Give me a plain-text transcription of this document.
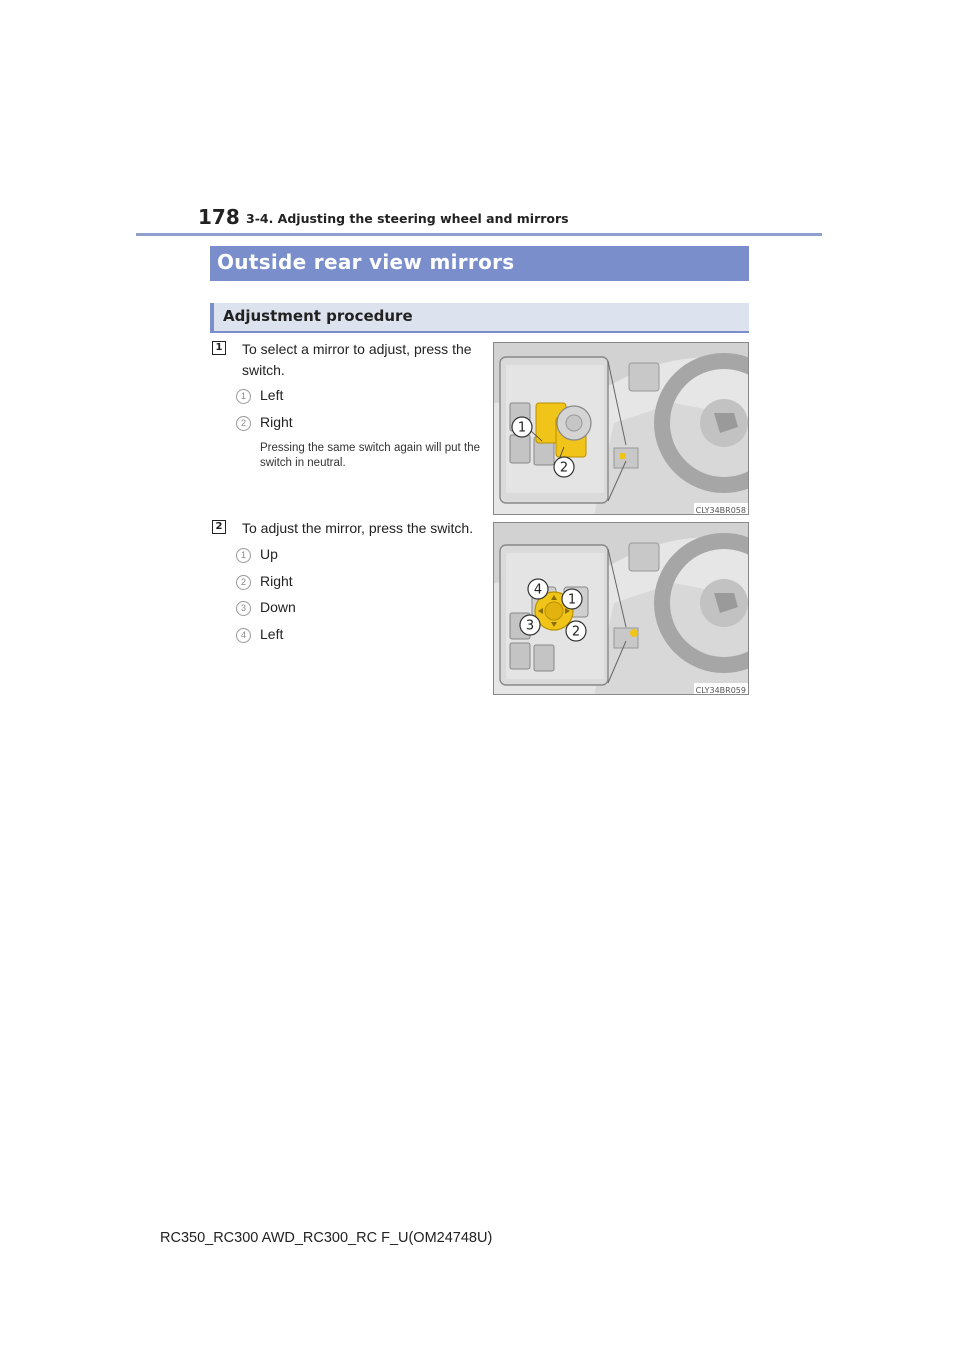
178 3-4. Adjusting the steering wheel and mirrors
Outside rear view mirrors
Adjustment procedure
1 To select a mirror to adjust, press the
switch.
1	Left
2	Right
Pressing the same switch again will put the switch in neutral.
1
2
CLY34BR058
2 To adjust the mirror, press the switch.
1	Up
2	Right
3	Down
4	Left
4
1
3	2
CLY34BR059
RC350_RC300 AWD_RC300_RC F_U(OM24748U)
